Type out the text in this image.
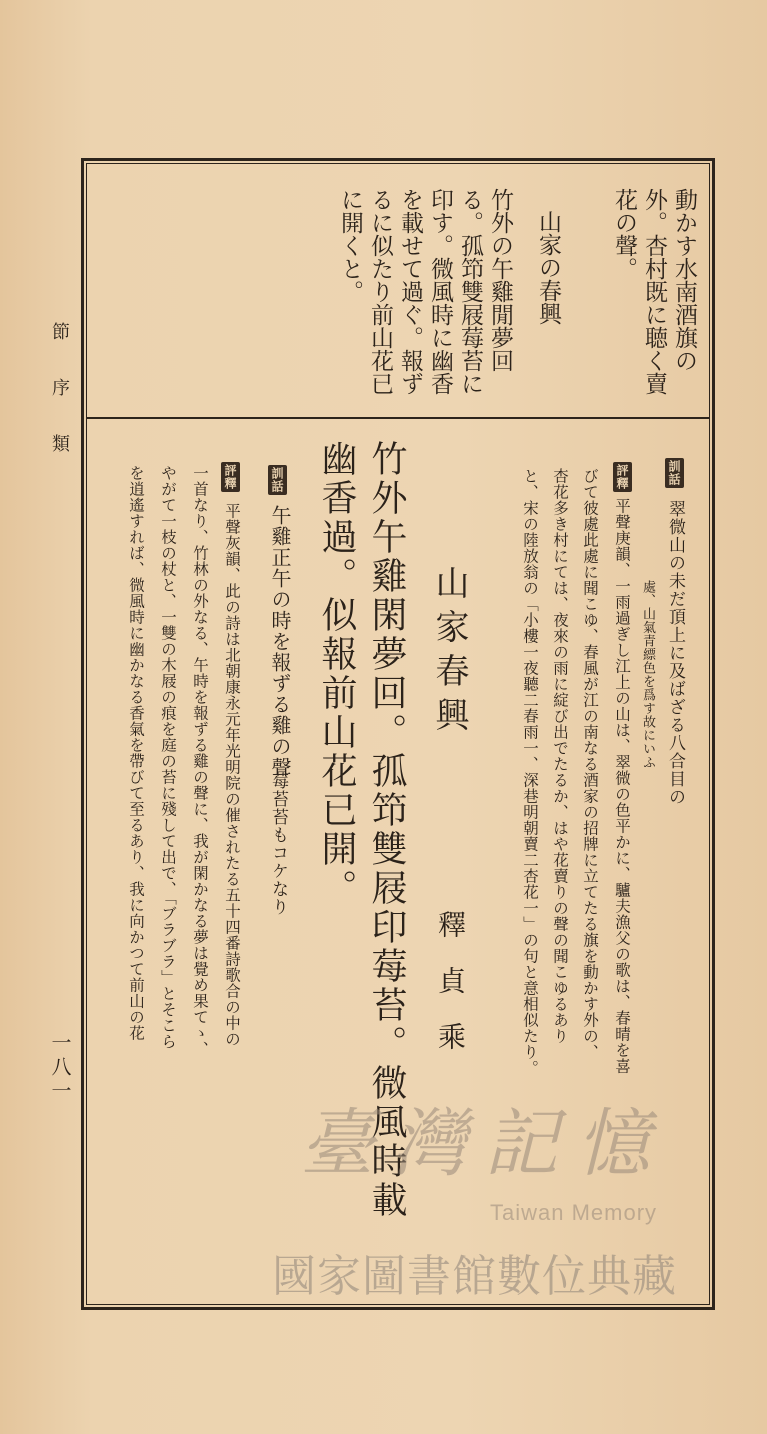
節序類
一八一
動かす水南酒旗の
外。杏村既に聴く賣
花の聲。
山家の春興
竹外の午雞閒夢回
る。孤笻雙屐莓苔に
印す。微風時に幽香
を載せて過ぐ。報ず
るに似たり前山花已
に開くと。
訓話
翠微山の未だ頂上に及ばざる八合目の
處、山氣青縹色を爲す故にいふ
評釋
平聲庚韻、一雨過ぎし江上の山は、翠微の色平かに、驢夫漁父の歌は、春晴を喜
びて彼處此處に聞こゆ、春風が江の南なる酒家の招牌に立てたる旗を動かす外の、
杏花多き村にては、夜來の雨に綻び出でたるか、はや花賣りの聲の聞こゆるあり
と、宋の陸放翁の「小樓一夜聽二春雨一、深巷明朝賣二杏花一」の句と意相似たり。
山家春興
釋　貞　乘
竹外午雞閑夢回。孤笻雙屐印莓苔。微風時載
幽香過。似報前山花已開。
訓話
午雞正午の時を報ずる雞の聲
莓苔苔もコケなり
評釋
平聲灰韻、此の詩は北朝康永元年光明院の催されたる五十四番詩歌合の中の
一首なり、竹林の外なる、午時を報ずる雞の聲に、我が閑かなる夢は覺め果てゝ、
やがて一枝の杖と、一雙の木屐の痕を庭の苔に殘して出で、「ブラブラ」とそこら
を逍遙すれば、微風時に幽かなる香氣を帶びて至るあり、我に向かつて前山の花
臺灣記憶
Taiwan Memory
國家圖書館數位典藏
